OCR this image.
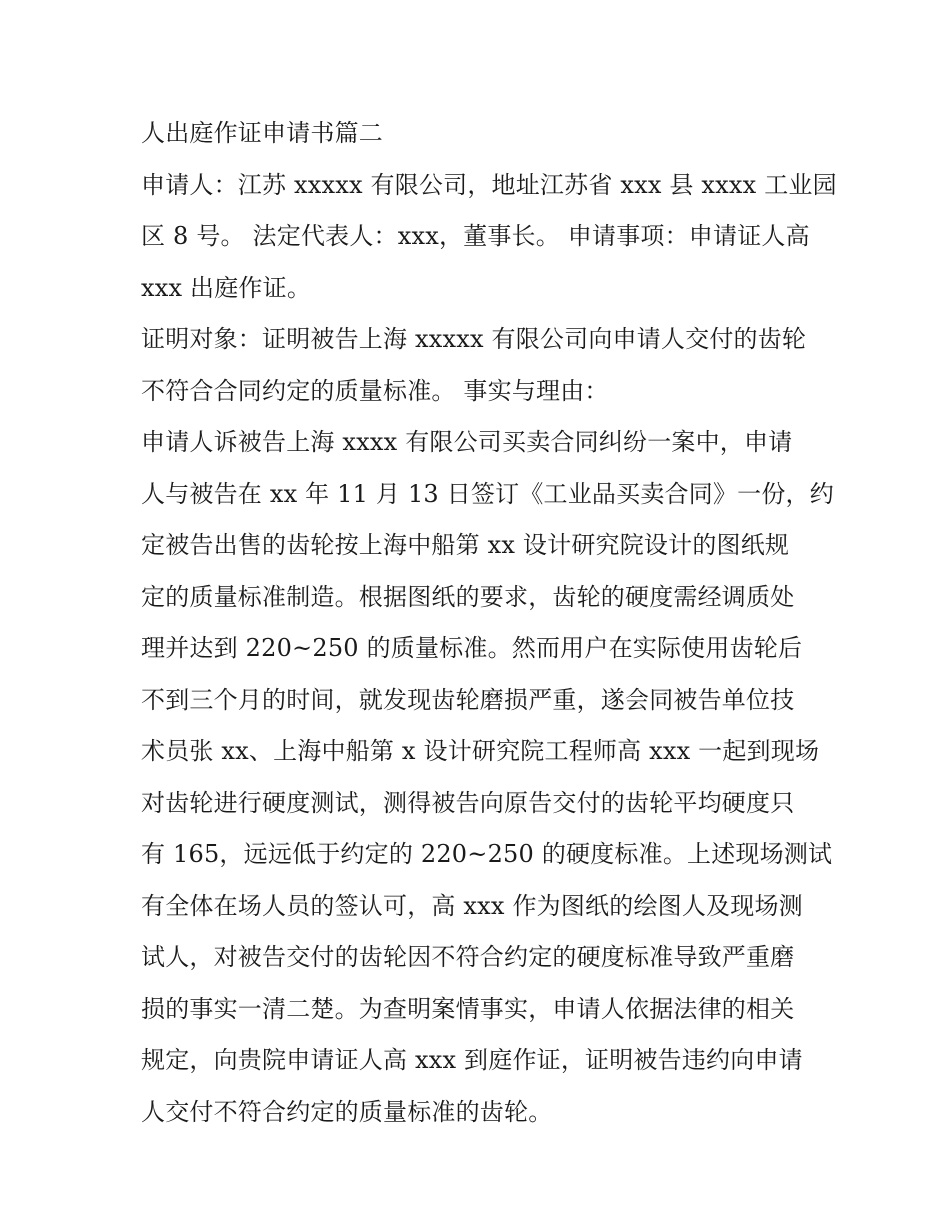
人出庭作证申请书篇二
申请人：江苏 xxxxx 有限公司，地址江苏省 xxx 县 xxxx 工业园
区 8 号。 法定代表人：xxx，董事长。 申请事项：申请证人高
xxx 出庭作证。
证明对象：证明被告上海 xxxxx 有限公司向申请人交付的齿轮
不符合合同约定的质量标准。 事实与理由：
申请人诉被告上海 xxxx 有限公司买卖合同纠纷一案中，申请
人与被告在 xx 年 11 月 13 日签订《工业品买卖合同》一份，约
定被告出售的齿轮按上海中船第 xx 设计研究院设计的图纸规
定的质量标准制造。根据图纸的要求，齿轮的硬度需经调质处
理并达到 220~250 的质量标准。然而用户在实际使用齿轮后
不到三个月的时间，就发现齿轮磨损严重，遂会同被告单位技
术员张 xx、上海中船第 x 设计研究院工程师高 xxx 一起到现场
对齿轮进行硬度测试，测得被告向原告交付的齿轮平均硬度只
有 165，远远低于约定的 220~250 的硬度标准。上述现场测试
有全体在场人员的签认可，高 xxx 作为图纸的绘图人及现场测
试人，对被告交付的齿轮因不符合约定的硬度标准导致严重磨
损的事实一清二楚。为查明案情事实，申请人依据法律的相关
规定，向贵院申请证人高 xxx 到庭作证，证明被告违约向申请
人交付不符合约定的质量标准的齿轮。
